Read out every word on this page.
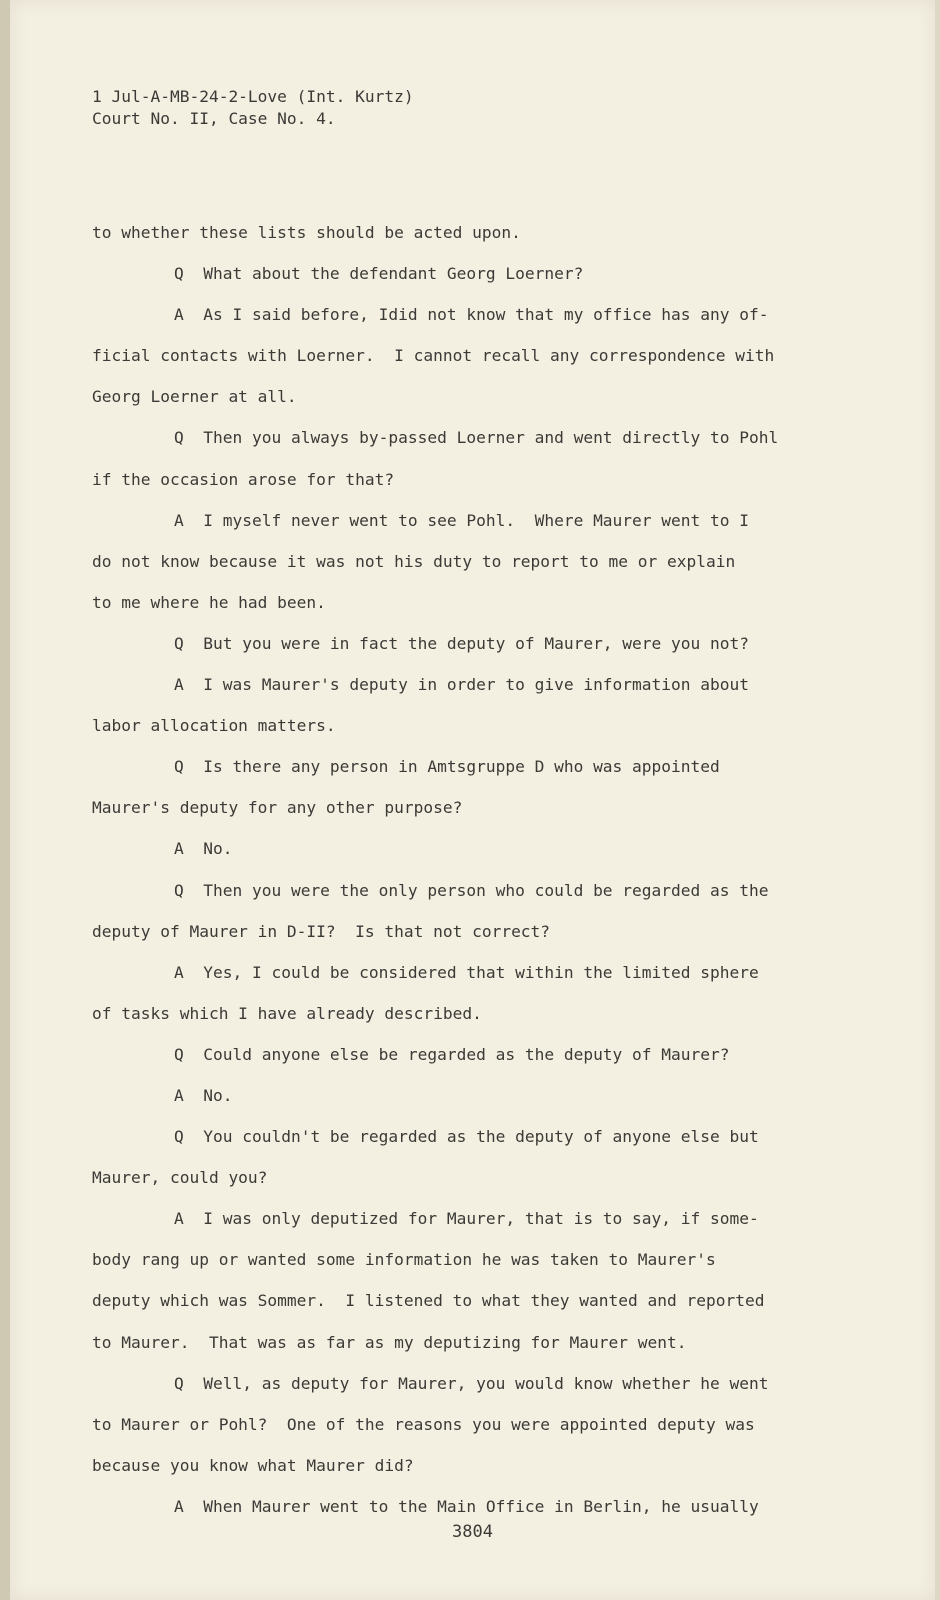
1 Jul-A-MB-24-2-Love (Int. Kurtz)
Court No. II, Case No. 4.
to whether these lists should be acted upon.
Q  What about the defendant Georg Loerner?
A  As I said before, Idid not know that my office has any of-
ficial contacts with Loerner.  I cannot recall any correspondence with
Georg Loerner at all.
Q  Then you always by-passed Loerner and went directly to Pohl
if the occasion arose for that?
A  I myself never went to see Pohl.  Where Maurer went to I
do not know because it was not his duty to report to me or explain
to me where he had been.
Q  But you were in fact the deputy of Maurer, were you not?
A  I was Maurer's deputy in order to give information about
labor allocation matters.
Q  Is there any person in Amtsgruppe D who was appointed
Maurer's deputy for any other purpose?
A  No.
Q  Then you were the only person who could be regarded as the
deputy of Maurer in D-II?  Is that not correct?
A  Yes, I could be considered that within the limited sphere
of tasks which I have already described.
Q  Could anyone else be regarded as the deputy of Maurer?
A  No.
Q  You couldn't be regarded as the deputy of anyone else but
Maurer, could you?
A  I was only deputized for Maurer, that is to say, if some-
body rang up or wanted some information he was taken to Maurer's
deputy which was Sommer.  I listened to what they wanted and reported
to Maurer.  That was as far as my deputizing for Maurer went.
Q  Well, as deputy for Maurer, you would know whether he went
to Maurer or Pohl?  One of the reasons you were appointed deputy was
because you know what Maurer did?
A  When Maurer went to the Main Office in Berlin, he usually
3804
